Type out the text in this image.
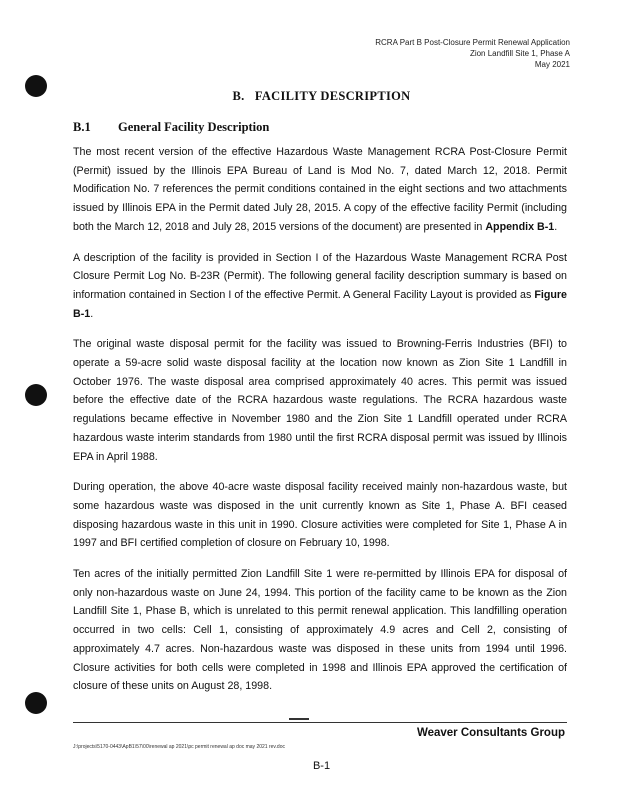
RCRA Part B Post-Closure Permit Renewal Application
Zion Landfill Site 1, Phase A
May 2021
B.   FACILITY DESCRIPTION
B.1 General Facility Description

The most recent version of the effective Hazardous Waste Management RCRA Post-Closure Permit (Permit) issued by the Illinois EPA Bureau of Land is Mod No. 7, dated March 12, 2018. Permit Modification No. 7 references the permit conditions contained in the eight sections and two attachments issued by Illinois EPA in the Permit dated July 28, 2015. A copy of the effective facility Permit (including both the March 12, 2018 and July 28, 2015 versions of the document) are presented in Appendix B-1.

A description of the facility is provided in Section I of the Hazardous Waste Management RCRA Post Closure Permit Log No. B-23R (Permit). The following general facility description summary is based on information contained in Section I of the effective Permit. A General Facility Layout is provided as Figure B-1.

The original waste disposal permit for the facility was issued to Browning-Ferris Industries (BFI) to operate a 59-acre solid waste disposal facility at the location now known as Zion Site 1 Landfill in October 1976. The waste disposal area comprised approximately 40 acres. This permit was issued before the effective date of the RCRA hazardous waste regulations. The RCRA hazardous waste regulations became effective in November 1980 and the Zion Site 1 Landfill operated under RCRA hazardous waste interim standards from 1980 until the first RCRA disposal permit was issued by Illinois EPA in April 1988.

During operation, the above 40-acre waste disposal facility received mainly non-hazardous waste, but some hazardous waste was disposed in the unit currently known as Site 1, Phase A. BFI ceased disposing hazardous waste in this unit in 1990. Closure activities were completed for Site 1, Phase A in 1997 and BFI certified completion of closure on February 10, 1998.

Ten acres of the initially permitted Zion Landfill Site 1 were re-permitted by Illinois EPA for disposal of only non-hazardous waste on June 24, 1994. This portion of the facility came to be known as the Zion Landfill Site 1, Phase B, which is unrelated to this permit renewal application. This landfilling operation occurred in two cells: Cell 1, consisting of approximately 4.9 acres and Cell 2, consisting of approximately 4.7 acres. Non-hazardous waste was disposed in these units from 1994 until 1996. Closure activities for both cells were completed in 1998 and Illinois EPA approved the certification of closure of these units on August 28, 1998.

Weaver Consultants Group
J:\projects\5170-0443\ApB1\57\00\renewal ap 2021\pc permit renewal ap doc may 2021 rev.doc
B-1
